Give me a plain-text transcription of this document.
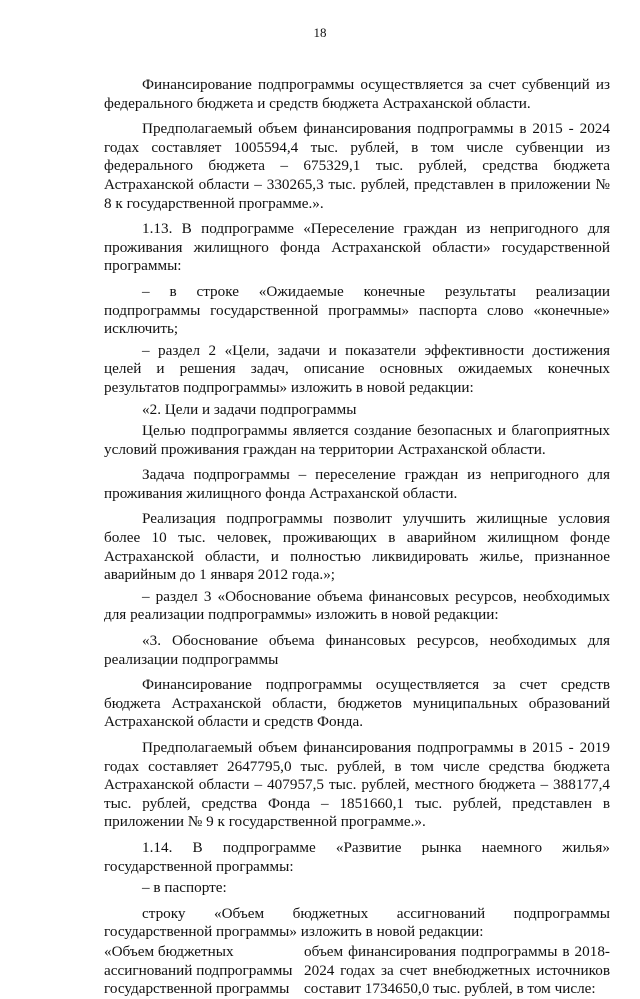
18

Финансирование подпрограммы осуществляется за счет субвенций из федерального бюджета и средств бюджета Астраханской области.

Предполагаемый объем финансирования подпрограммы в 2015 - 2024 годах составляет 1005594,4 тыс. рублей, в том числе субвенции из федерального бюджета – 675329,1 тыс. рублей, средства бюджета Астраханской области – 330265,3 тыс. рублей, представлен в приложении № 8 к государственной программе.».

1.13. В подпрограмме «Переселение граждан из непригодного для проживания жилищного фонда Астраханской области» государственной программы:

– в строке «Ожидаемые конечные результаты реализации подпрограммы государственной программы» паспорта слово «конечные» исключить;

– раздел 2 «Цели, задачи и показатели эффективности достижения целей и решения задач, описание основных ожидаемых конечных результатов подпрограммы» изложить в новой редакции:

«2. Цели и задачи подпрограммы

Целью подпрограммы является создание безопасных и благоприятных условий проживания граждан на территории Астраханской области.

Задача подпрограммы – переселение граждан из непригодного для проживания жилищного фонда Астраханской области.

Реализация подпрограммы позволит улучшить жилищные условия более 10 тыс. человек, проживающих в аварийном жилищном фонде Астраханской области, и полностью ликвидировать жилье, признанное аварийным до 1 января 2012 года.»;

– раздел 3 «Обоснование объема финансовых ресурсов, необходимых для реализации подпрограммы» изложить в новой редакции:

«3. Обоснование объема финансовых ресурсов, необходимых для реализации подпрограммы

Финансирование подпрограммы осуществляется за счет средств бюджета Астраханской области, бюджетов муниципальных образований Астраханской области и средств Фонда.

Предполагаемый объем финансирования подпрограммы в 2015 - 2019 годах составляет 2647795,0 тыс. рублей, в том числе средства бюджета Астраханской области – 407957,5 тыс. рублей, местного бюджета – 388177,4 тыс. рублей, средства Фонда – 1851660,1 тыс. рублей, представлен в приложении № 9 к государственной программе.».

1.14. В подпрограмме «Развитие рынка наемного жилья»

государственной программы:

– в паспорте:

строку «Объем бюджетных ассигнований подпрограммы

государственной программы» изложить в новой редакции:

«Объем бюджетных ассигнований подпрограммы государственной программы
объем финансирования подпрограммы в 2018-2024 годах за счет внебюджетных источников составит 1734650,0 тыс. рублей, в том числе:
